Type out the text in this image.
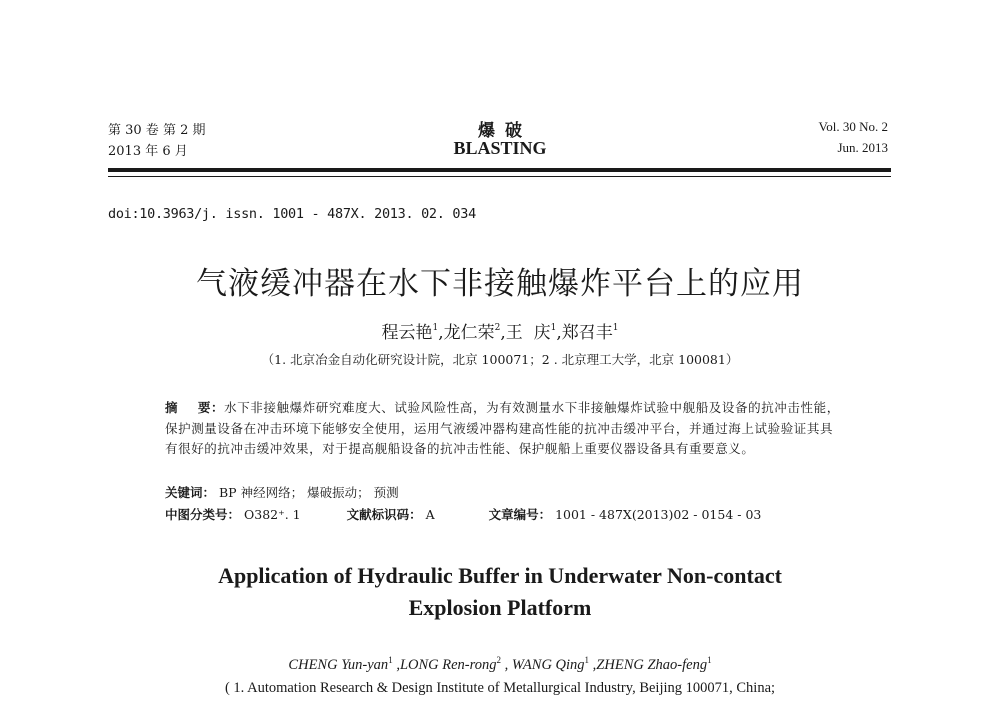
第 30 卷 第 2 期
2013 年 6 月
爆破
BLASTING
Vol. 30 No. 2
Jun. 2013
doi:10.3963/j. issn. 1001 - 487X. 2013. 02. 034
气液缓冲器在水下非接触爆炸平台上的应用
程云艳$^1$,龙仁荣$^2$,王  庆$^1$,郑召丰$^1$
（1. 北京冶金自动化研究设计院，北京 100071；2 . 北京理工大学，北京 100081）
摘    要：水下非接触爆炸研究难度大、试验风险性高，为有效测量水下非接触爆炸试验中舰船及设备的抗冲击性能，保护测量设备在冲击环境下能够安全使用，运用气液缓冲器构建高性能的抗冲击缓冲平台，并通过海上试验验证其具有很好的抗冲击缓冲效果，对于提高舰船设备的抗冲击性能、保护舰船上重要仪器设备具有重要意义。
关键词： BP 神经网络； 爆破振动； 预测
中图分类号： O382⁺. 1	文献标识码： A	文章编号： 1001 - 487X(2013)02 - 0154 - 03
Application of Hydraulic Buffer in Underwater Non-contact
Explosion Platform
CHENG Yun-yan$^1$ ,LONG Ren-rong$^2$ , WANG Qing$^1$ ,ZHENG Zhao-feng$^1$
( 1. Automation Research & Design Institute of Metallurgical Industry, Beijing 100071, China;
